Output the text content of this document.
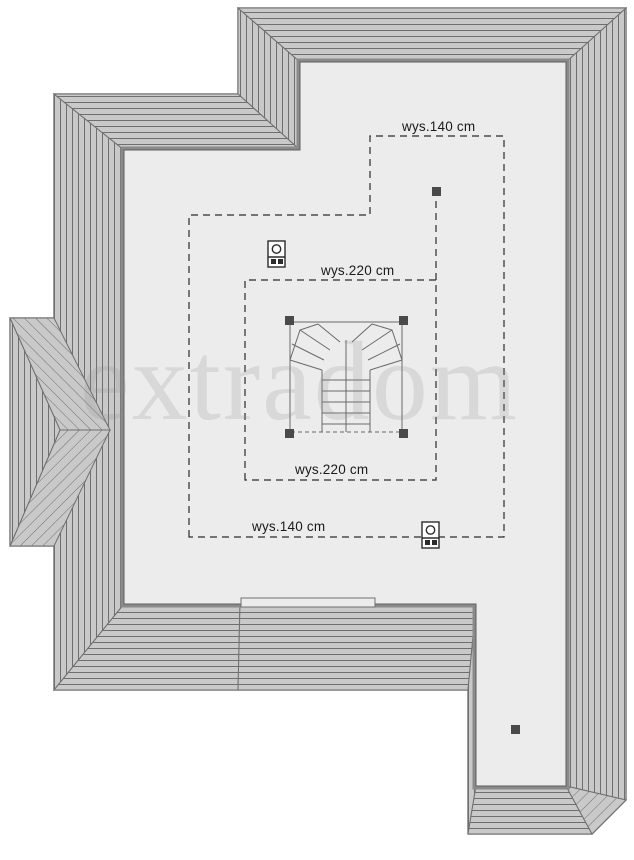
extradom
wys.140 cm
wys.220 cm
wys.220 cm
wys.140 cm
